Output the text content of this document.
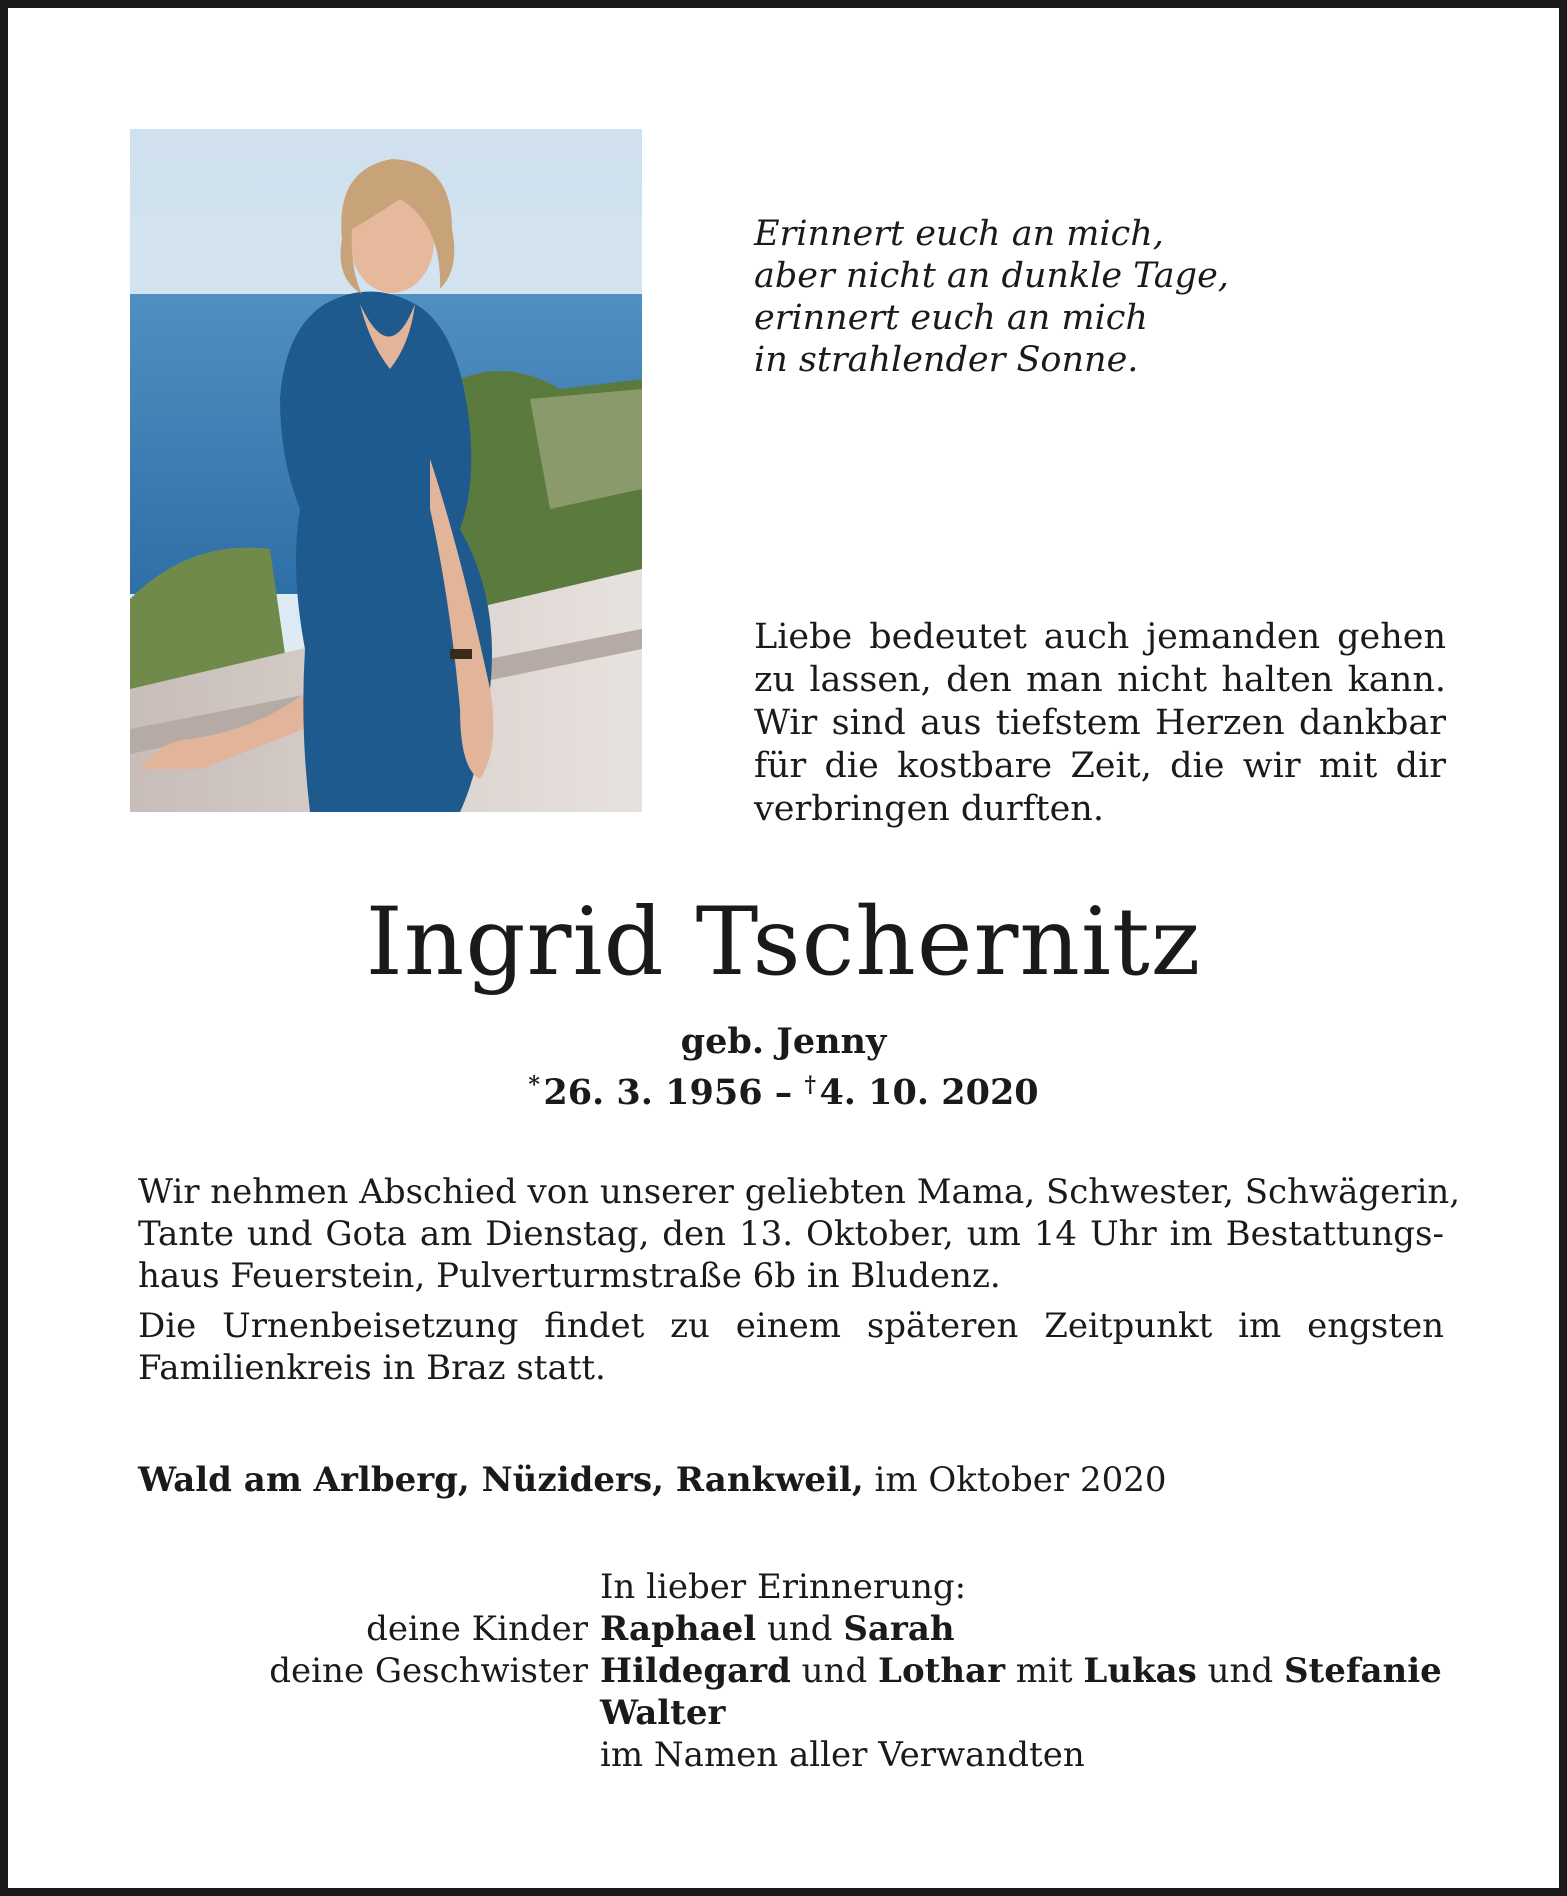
Erinnert euch an mich,
aber nicht an dunkle Tage,
erinnert euch an mich
in strahlender Sonne.
Liebe bedeutet auch jemanden gehen
zu lassen, den man nicht halten kann.
Wir sind aus tiefstem Herzen dankbar
für die kostbare Zeit, die wir mit dir
verbringen durften.
Ingrid Tschernitz
geb. Jenny
*  26. 3. 1956 – †  4. 10. 2020
Wir nehmen Abschied von unserer geliebten Mama, Schwester, Schwägerin,
Tante und Gota am Dienstag, den 13. Oktober, um 14 Uhr im Bestattungs-
haus Feuerstein, Pulverturmstraße 6b in Bludenz.
Die Urnenbeisetzung findet zu einem späteren Zeitpunkt im engsten
Familienkreis in Braz statt.
Wald am Arlberg, Nüziders, Rankweil, im Oktober 2020
	In lieber Erinnerung:
deine Kinder	Raphael und Sarah
deine Geschwister	Hildegard und Lothar mit Lukas und Stefanie
	Walter
	im Namen aller Verwandten
